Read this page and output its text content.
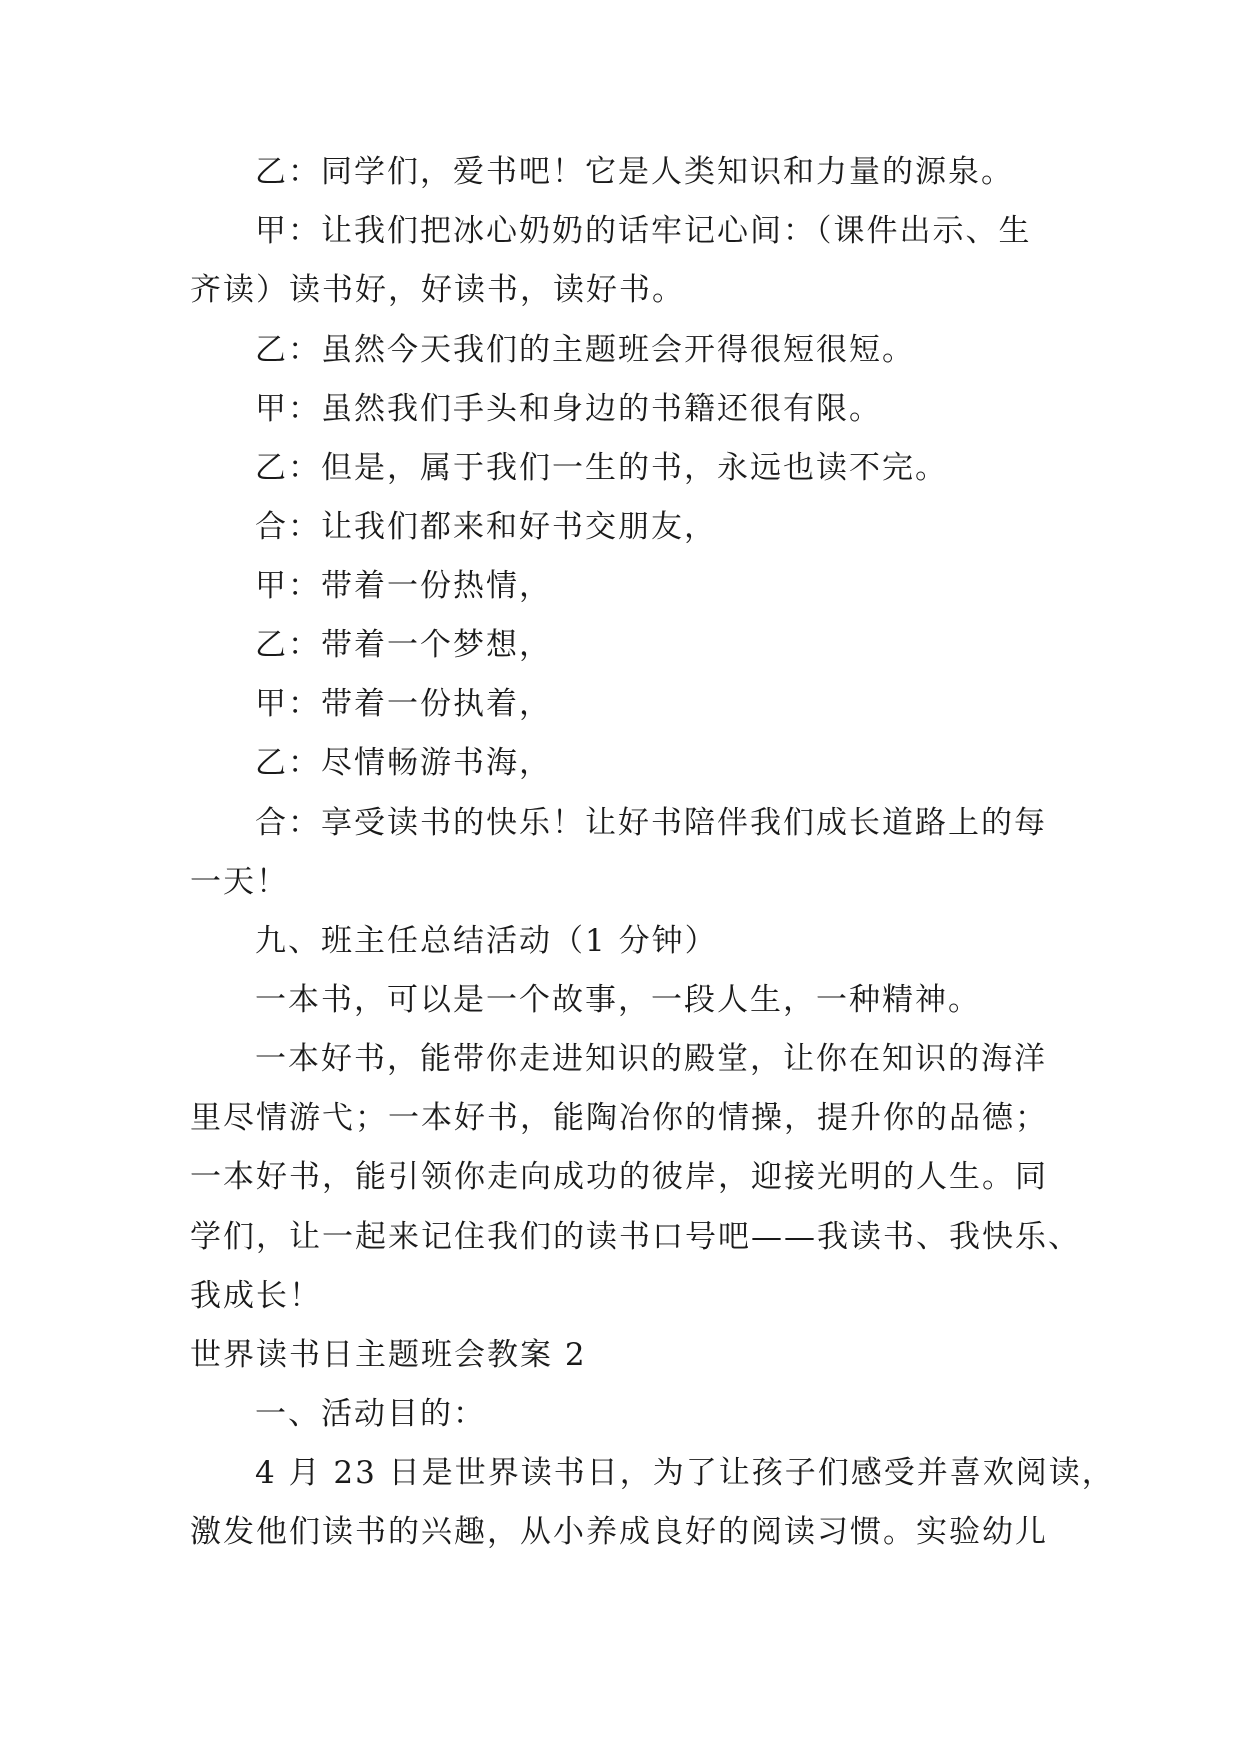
乙：同学们，爱书吧！它是人类知识和力量的源泉。
甲：让我们把冰心奶奶的话牢记心间：（课件出示、生
齐读）读书好，好读书，读好书。
乙：虽然今天我们的主题班会开得很短很短。
甲：虽然我们手头和身边的书籍还很有限。
乙：但是，属于我们一生的书，永远也读不完。
合：让我们都来和好书交朋友，
甲：带着一份热情，
乙：带着一个梦想，
甲：带着一份执着，
乙：尽情畅游书海，
合：享受读书的快乐！让好书陪伴我们成长道路上的每
一天！
九、班主任总结活动（1 分钟）
一本书，可以是一个故事，一段人生，一种精神。
一本好书，能带你走进知识的殿堂，让你在知识的海洋
里尽情游弋；一本好书，能陶冶你的情操，提升你的品德；
一本好书，能引领你走向成功的彼岸，迎接光明的人生。同
学们，让一起来记住我们的读书口号吧——我读书、我快乐、
我成长！
世界读书日主题班会教案 2
一、活动目的：
4 月 23 日是世界读书日，为了让孩子们感受并喜欢阅读，
激发他们读书的兴趣，从小养成良好的阅读习惯。实验幼儿
